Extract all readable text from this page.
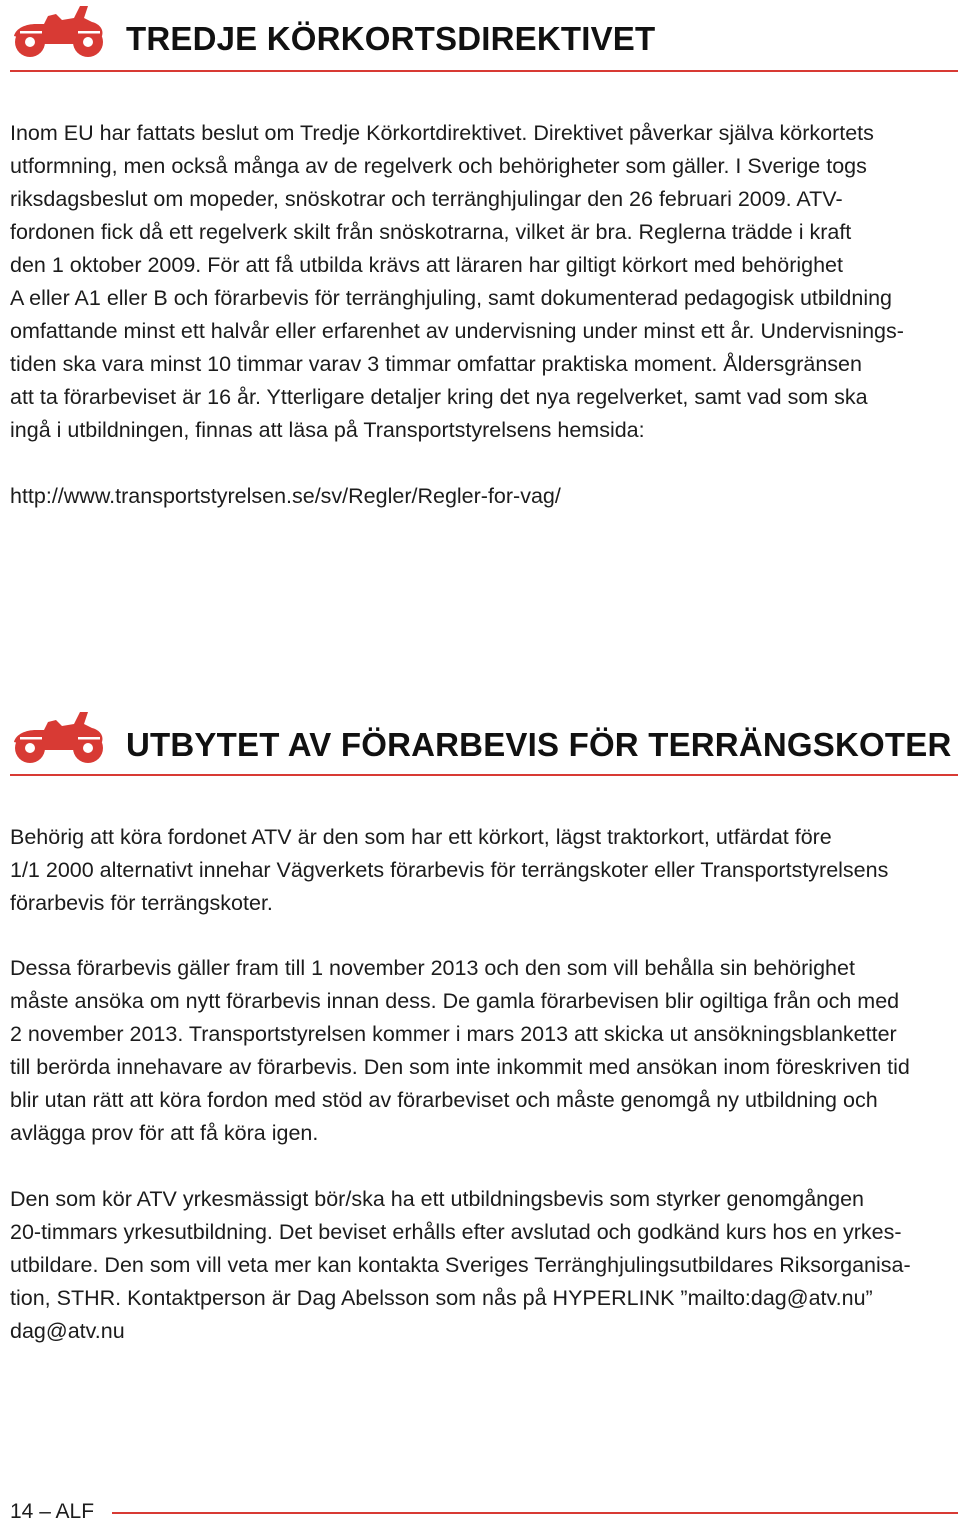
TREDJE KÖRKORTSDIREKTIVET

Inom EU har fattats beslut om Tredje Körkortdirektivet. Direktivet påverkar själva körkortets
utformning, men också många av de regelverk och behörigheter som gäller. I Sverige togs
riksdagsbeslut om mopeder, snöskotrar och terränghjulingar den 26 februari 2009. ATV-
fordonen fick då ett regelverk skilt från snöskotrarna, vilket är bra. Reglerna trädde i kraft
den 1 oktober 2009. För att få utbilda krävs att läraren har giltigt körkort med behörighet
A eller A1 eller B och förarbevis för terränghjuling, samt dokumenterad pedagogisk utbildning
omfattande minst ett halvår eller erfarenhet av undervisning under minst ett år. Undervisnings-
tiden ska vara minst 10 timmar varav 3 timmar omfattar praktiska moment. Åldersgränsen
att ta förarbeviset är 16 år. Ytterligare detaljer kring det nya regelverket, samt vad som ska
ingå i utbildningen, finnas att läsa på Transportstyrelsens hemsida:

http://www.transportstyrelsen.se/sv/Regler/Regler-for-vag/

UTBYTET AV FÖRARBEVIS FÖR TERRÄNGSKOTER

Behörig att köra fordonet ATV är den som har ett körkort, lägst traktorkort, utfärdat före
1/1 2000 alternativt innehar Vägverkets förarbevis för terrängskoter eller Transportstyrelsens
förarbevis för terrängskoter.

Dessa förarbevis gäller fram till 1 november 2013 och den som vill behålla sin behörighet
måste ansöka om nytt förarbevis innan dess. De gamla förarbevisen blir ogiltiga från och med
2 november 2013. Transportstyrelsen kommer i mars 2013 att skicka ut ansökningsblanketter
till berörda innehavare av förarbevis. Den som inte inkommit med ansökan inom föreskriven tid
blir utan rätt att köra fordon med stöd av förarbeviset och måste genomgå ny utbildning och
avlägga prov för att få köra igen.

Den som kör ATV yrkesmässigt bör/ska ha ett utbildningsbevis som styrker genomgången
20-timmars yrkesutbildning. Det beviset erhålls efter avslutad och godkänd kurs hos en yrkes-
utbildare. Den som vill veta mer kan kontakta Sveriges Terränghjulingsutbildares Riksorganisa-
tion, STHR. Kontaktperson är Dag Abelsson som nås på HYPERLINK ”mailto:dag@atv.nu”
dag@atv.nu

14 – ALF
